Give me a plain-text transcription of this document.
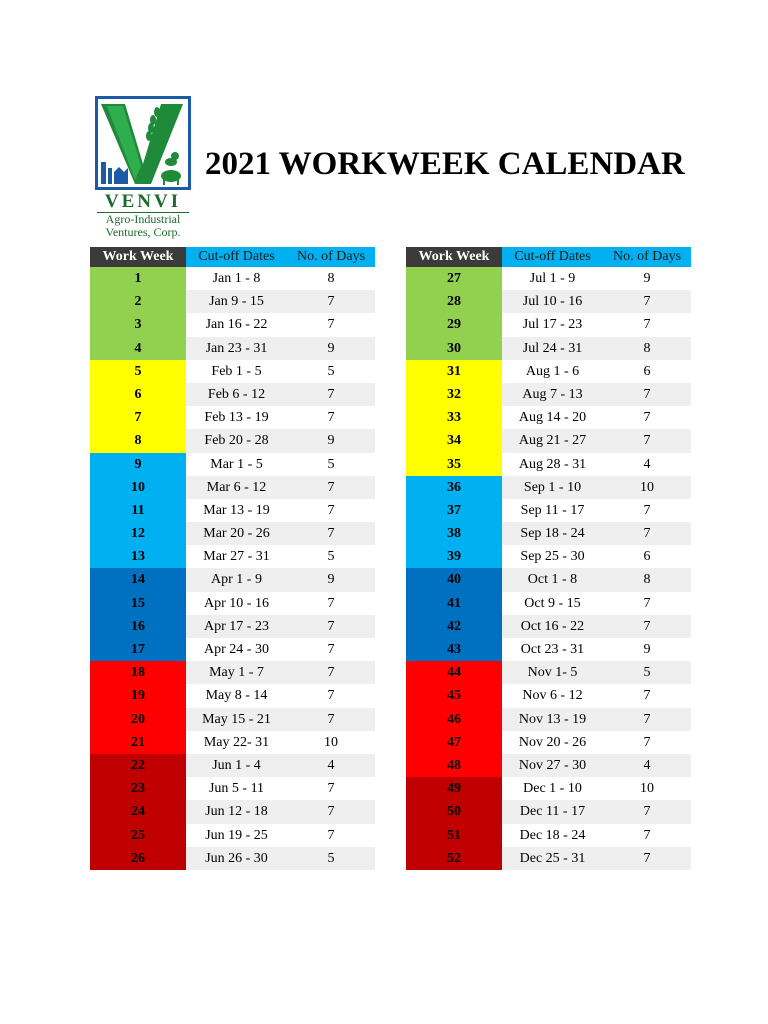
VENVI
Agro-Industrial
Ventures, Corp.
2021 WORKWEEK CALENDAR
Work Week	Cut-off Dates	No. of Days
1	Jan 1 - 8	8
2	Jan 9 - 15	7
3	Jan 16 - 22	7
4	Jan 23 - 31	9
5	Feb 1 - 5	5
6	Feb 6 - 12	7
7	Feb 13 - 19	7
8	Feb 20 - 28	9
9	Mar 1 - 5	5
10	Mar 6 - 12	7
11	Mar 13 - 19	7
12	Mar 20 - 26	7
13	Mar 27 - 31	5
14	Apr 1 - 9	9
15	Apr 10 - 16	7
16	Apr 17 - 23	7
17	Apr 24 - 30	7
18	May 1 - 7	7
19	May 8 - 14	7
20	May 15 - 21	7
21	May 22- 31	10
22	Jun 1 - 4	4
23	Jun 5 - 11	7
24	Jun 12 - 18	7
25	Jun 19 - 25	7
26	Jun 26 - 30	5
Work Week	Cut-off Dates	No. of Days
27	Jul 1 - 9	9
28	Jul 10 - 16	7
29	Jul 17 - 23	7
30	Jul 24 - 31	8
31	Aug 1 - 6	6
32	Aug 7 - 13	7
33	Aug 14 - 20	7
34	Aug 21 - 27	7
35	Aug 28 - 31	4
36	Sep 1 - 10	10
37	Sep 11 - 17	7
38	Sep 18 - 24	7
39	Sep 25 - 30	6
40	Oct 1 - 8	8
41	Oct 9 - 15	7
42	Oct 16 - 22	7
43	Oct 23 - 31	9
44	Nov 1- 5	5
45	Nov 6 - 12	7
46	Nov 13 - 19	7
47	Nov 20 - 26	7
48	Nov 27 - 30	4
49	Dec 1 - 10	10
50	Dec 11 - 17	7
51	Dec 18 - 24	7
52	Dec 25 - 31	7
